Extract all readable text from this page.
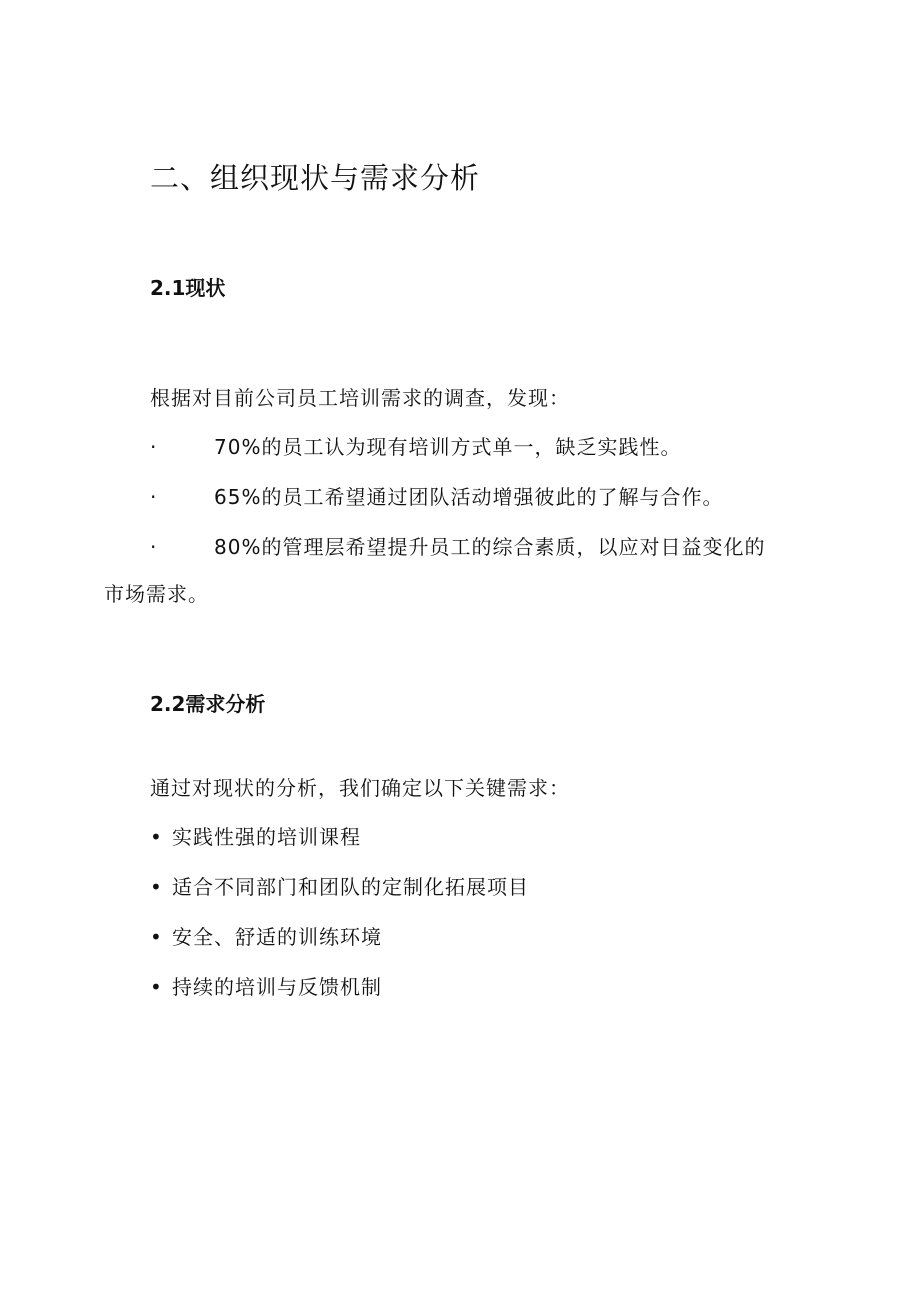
二、组织现状与需求分析
2.1现状
根据对目前公司员工培训需求的调查，发现：
·	70%的员工认为现有培训方式单一，缺乏实践性。
·	65%的员工希望通过团队活动增强彼此的了解与合作。
·	80%的管理层希望提升员工的综合素质，以应对日益变化的
市场需求。
2.2需求分析
通过对现状的分析，我们确定以下关键需求：
• 实践性强的培训课程
• 适合不同部门和团队的定制化拓展项目
• 安全、舒适的训练环境
• 持续的培训与反馈机制
